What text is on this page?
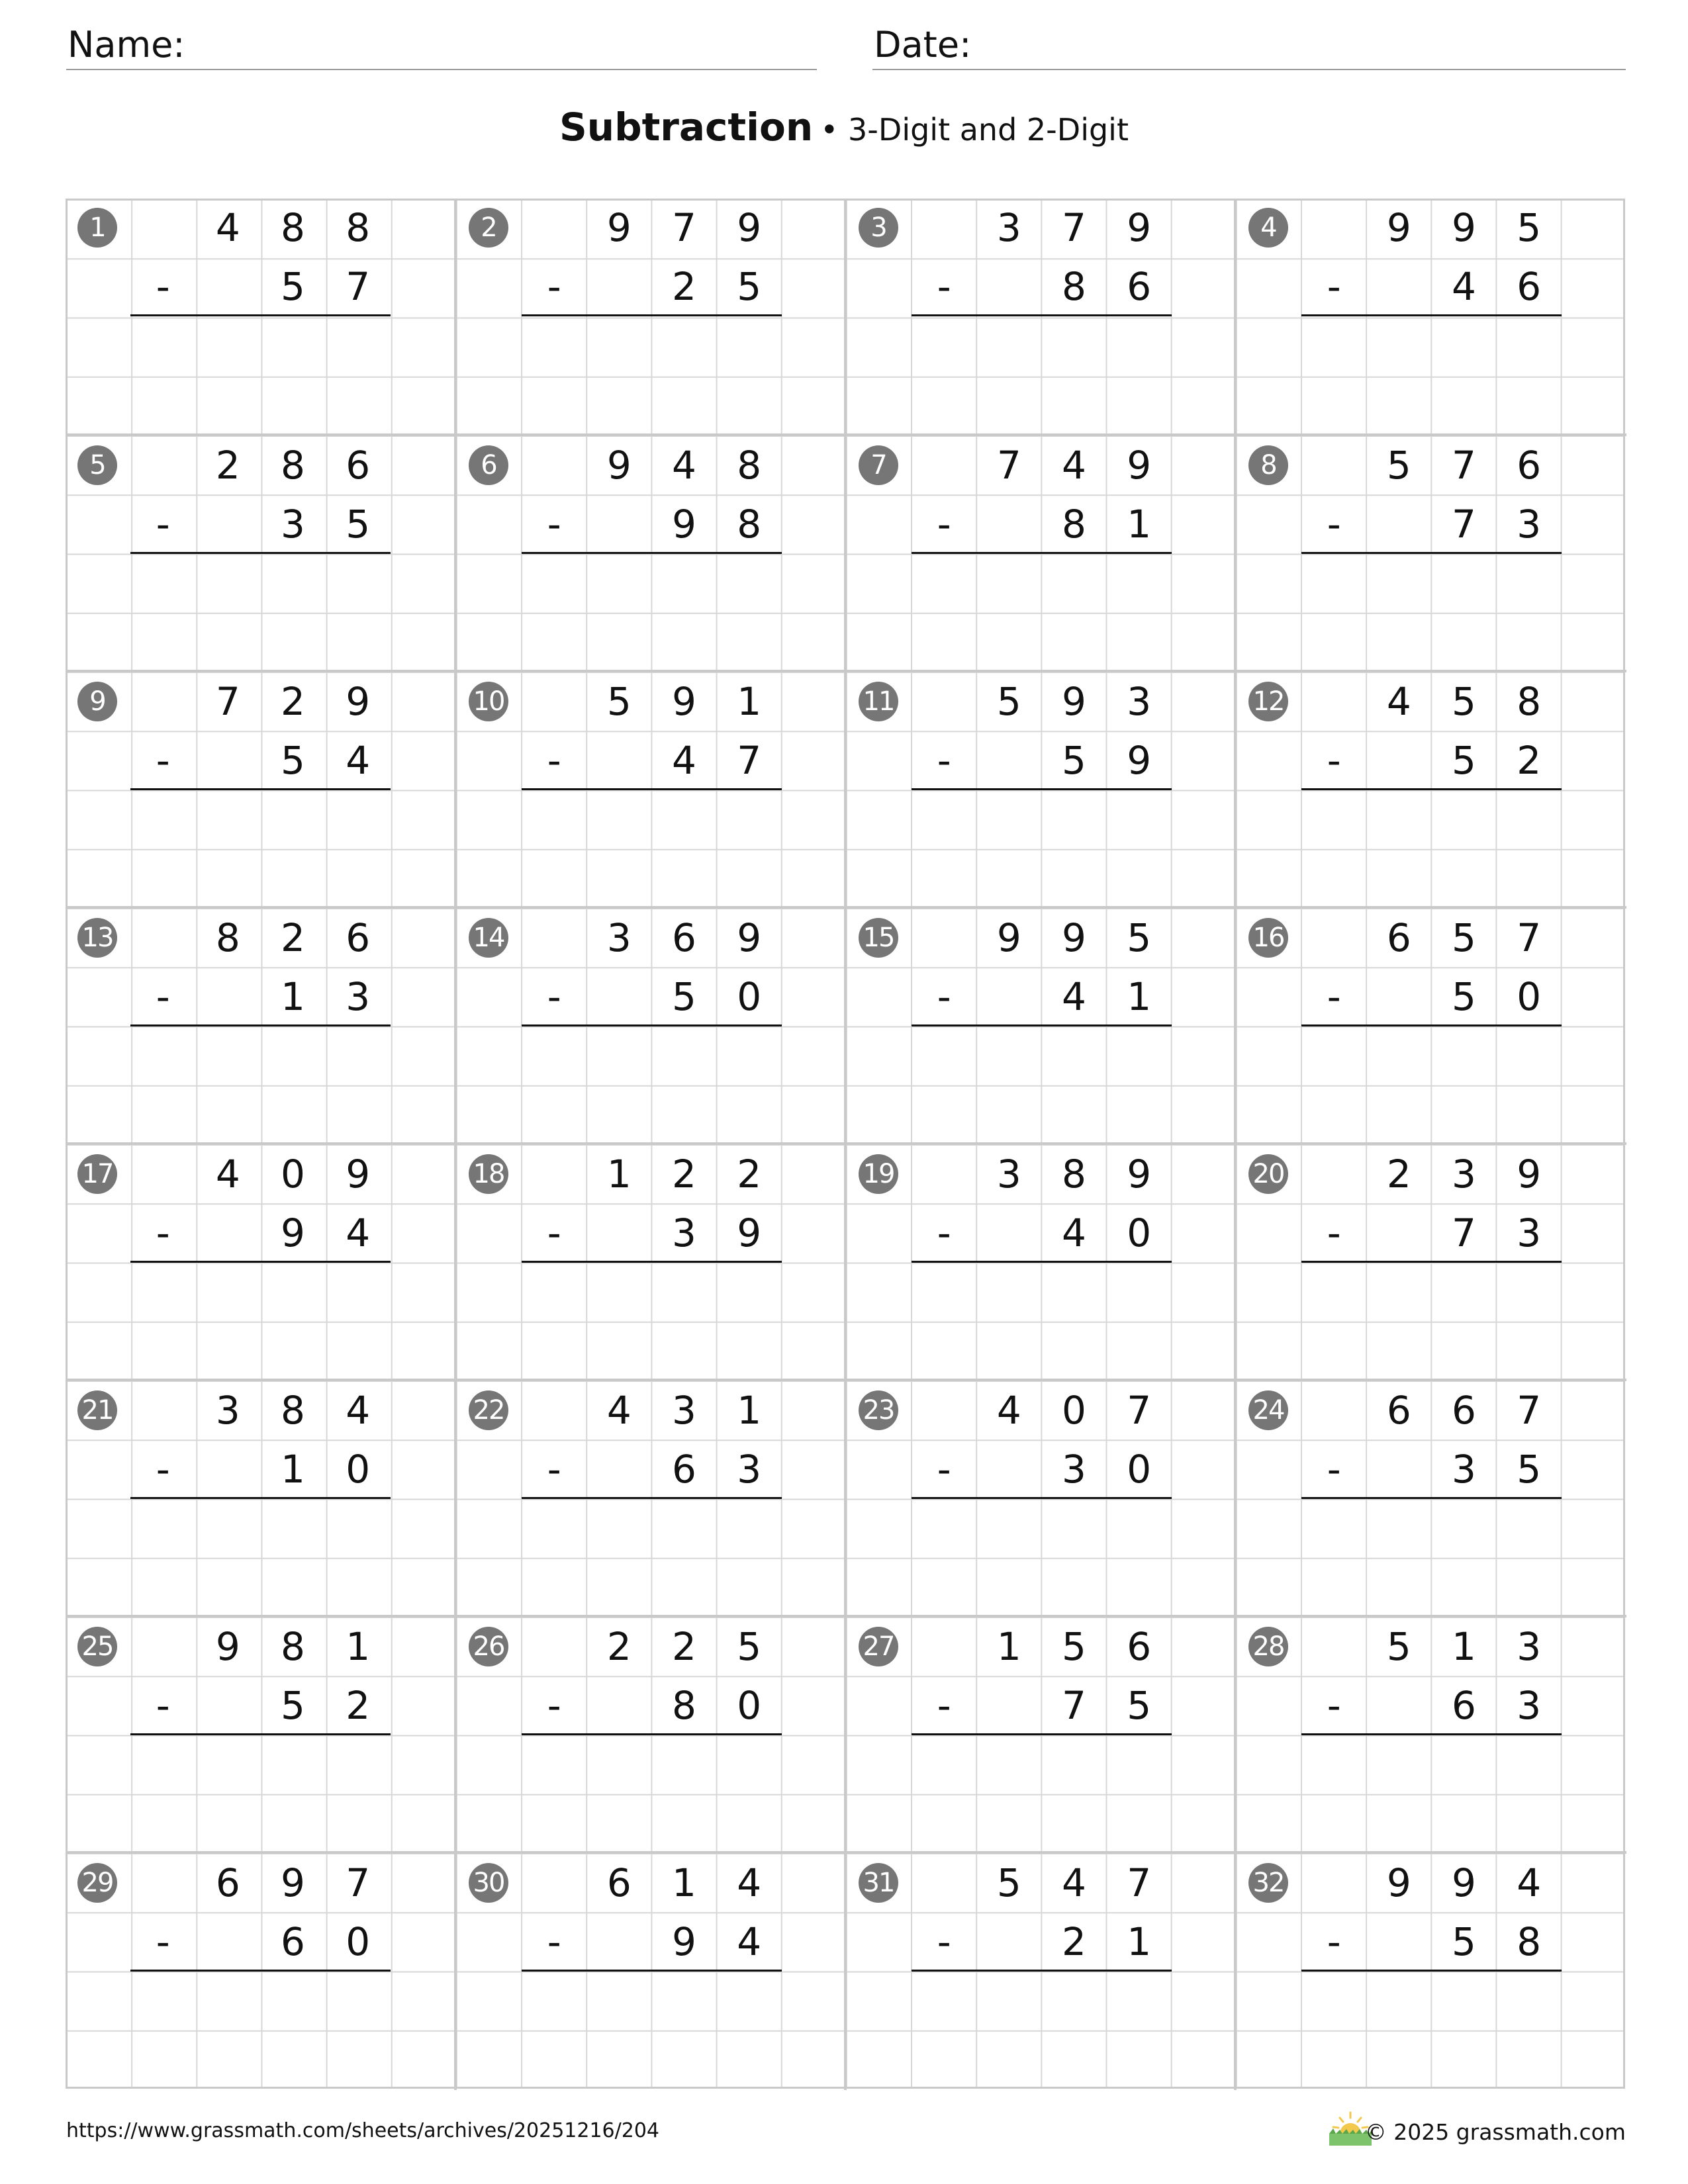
Name:	Date:
Subtraction • 3-Digit and 2-Digit
1	4	8	8
-	5	7
2	9	7	9
-	2	5
3	3	7	9
-	8	6
4	9	9	5
-	4	6
5	2	8	6
-	3	5
6	9	4	8
-	9	8
7	7	4	9
-	8	1
8	5	7	6
-	7	3
9	7	2	9
-	5	4
10	5	9	1
-	4	7
11	5	9	3
-	5	9
12	4	5	8
-	5	2
13	8	2	6
-	1	3
14	3	6	9
-	5	0
15	9	9	5
-	4	1
16	6	5	7
-	5	0
17	4	0	9
-	9	4
18	1	2	2
-	3	9
19	3	8	9
-	4	0
20	2	3	9
-	7	3
21	3	8	4
-	1	0
22	4	3	1
-	6	3
23	4	0	7
-	3	0
24	6	6	7
-	3	5
25	9	8	1
-	5	2
26	2	2	5
-	8	0
27	1	5	6
-	7	5
28	5	1	3
-	6	3
29	6	9	7
-	6	0
30	6	1	4
-	9	4
31	5	4	7
-	2	1
32	9	9	4
-	5	8
https://www.grassmath.com/sheets/archives/20251216/204	© 2025 grassmath.com
